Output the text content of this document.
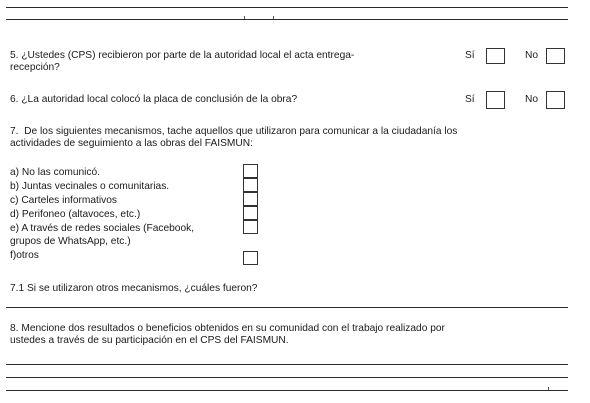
5. ¿Ustedes (CPS) recibieron por parte de la autoridad local el acta entrega-
recepción?
Sí	No
6. ¿La autoridad local colocó la placa de conclusión de la obra?	Sí	No
7.  De los siguientes mecanismos, tache aquellos que utilizaron para comunicar a la ciudadanía los
actividades de seguimiento a las obras del FAISMUN:
a) No las comunicó.
b) Juntas vecinales o comunitarias.
c) Carteles informativos
d) Perifoneo (altavoces, etc.)
e) A través de redes sociales (Facebook,
grupos de WhatsApp, etc.)
f)otros
7.1 Si se utilizaron otros mecanismos, ¿cuáles fueron?
8. Mencione dos resultados o beneficios obtenidos en su comunidad con el trabajo realizado por
ustedes a través de su participación en el CPS del FAISMUN.
